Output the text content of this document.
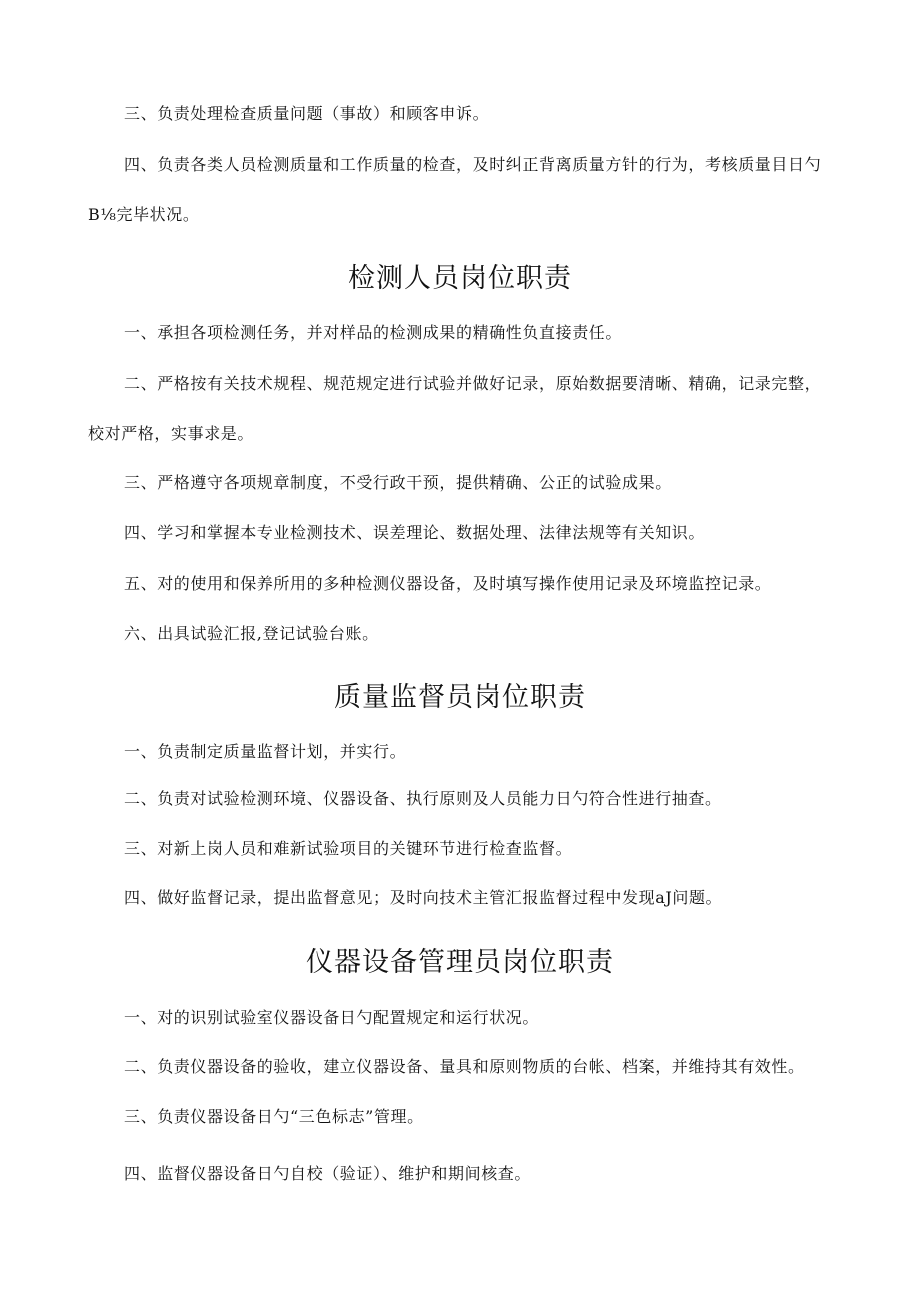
三、负责处理检查质量问题（事故）和顾客申诉。
四、负责各类人员检测质量和工作质量的检查，及时纠正背离质量方针的行为，考核质量目日勺
B⅛完毕状况。
检测人员岗位职责
一、承担各项检测任务，并对样品的检测成果的精确性负直接责任。
二、严格按有关技术规程、规范规定进行试验并做好记录，原始数据要清晰、精确，记录完整，
校对严格，实事求是。
三、严格遵守各项规章制度，不受行政干预，提供精确、公正的试验成果。
四、学习和掌握本专业检测技术、误差理论、数据处理、法律法规等有关知识。
五、对的使用和保养所用的多种检测仪器设备，及时填写操作使用记录及环境监控记录。
六、出具试验汇报,登记试验台账。
质量监督员岗位职责
一、负责制定质量监督计划，并实行。
二、负责对试验检测环境、仪器设备、执行原则及人员能力日勺符合性进行抽查。
三、对新上岗人员和难新试验项目的关键环节进行检查监督。
四、做好监督记录，提出监督意见；及时向技术主管汇报监督过程中发现aJ问题。
仪器设备管理员岗位职责
一、对的识别试验室仪器设备日勺配置规定和运行状况。
二、负责仪器设备的验收，建立仪器设备、量具和原则物质的台帐、档案，并维持其有效性。
三、负责仪器设备日勺“三色标志”管理。
四、监督仪器设备日勺自校（验证）、维护和期间核查。
